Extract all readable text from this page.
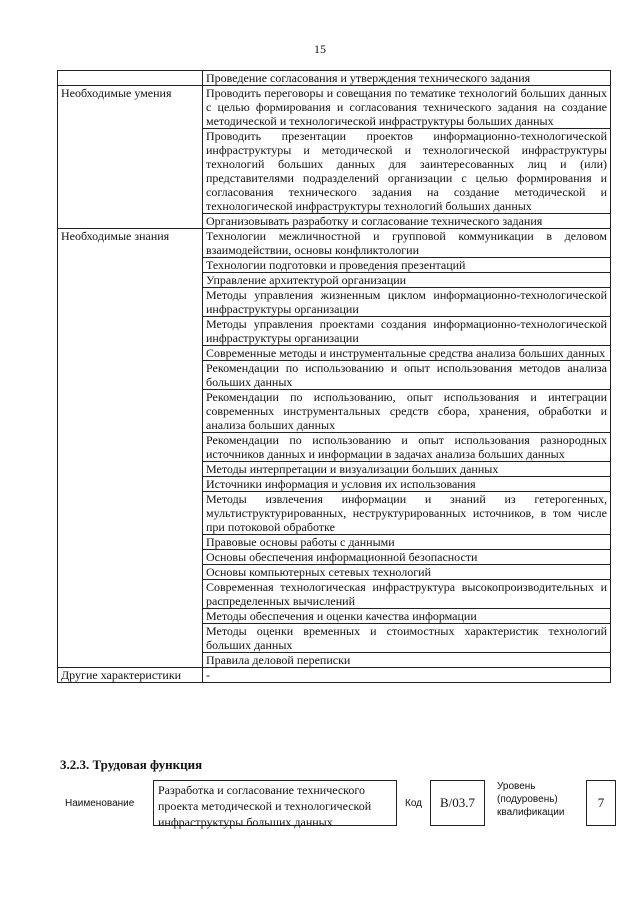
15
	Проведение согласования и утверждения технического задания
Необходимые умения	Проводить переговоры и совещания по тематике технологий больших данных с целью формирования и согласования технического задания на создание методической и технологической инфраструктуры больших данных
	Проводить презентации проектов информационно-технологической инфраструктуры и методической и технологической инфраструктуры технологий больших данных для заинтересованных лиц и (или) представителями подразделений организации с целью формирования и согласования технического задания на создание методической и технологической инфраструктуры технологий больших данных
	Организовывать разработку и согласование технического задания
Необходимые знания	Технологии межличностной и групповой коммуникации в деловом взаимодействии, основы конфликтологии
	Технологии подготовки и проведения презентаций
	Управление архитектурой организации
	Методы управления жизненным циклом информационно-технологической инфраструктуры организации
	Методы управления проектами создания информационно-технологической инфраструктуры организации
	Современные методы и инструментальные средства анализа больших данных
	Рекомендации по использованию и опыт использования методов анализа больших данных
	Рекомендации по использованию, опыт использования и интеграции современных инструментальных средств сбора, хранения, обработки и анализа больших данных
	Рекомендации по использованию и опыт использования разнородных источников данных и информации в задачах анализа больших данных
	Методы интерпретации и визуализации больших данных
	Источники информация и условия их использования
	Методы извлечения информации и знаний из гетерогенных, мультиструктурированных, неструктурированных источников, в том числе при потоковой обработке
	Правовые основы работы с данными
	Основы обеспечения информационной безопасности
	Основы компьютерных сетевых технологий
	Современная технологическая инфраструктура высокопроизводительных и распределенных вычислений
	Методы обеспечения и оценки качества информации
	Методы оценки временных и стоимостных характеристик технологий больших данных
	Правила деловой переписки
Другие характеристики	-
3.2.3. Трудовая функция
Наименование
Разработка и согласование технического проекта методической и технологической инфраструктуры больших данных
Код	B/03.7
Уровень (подуровень) квалификации
7
